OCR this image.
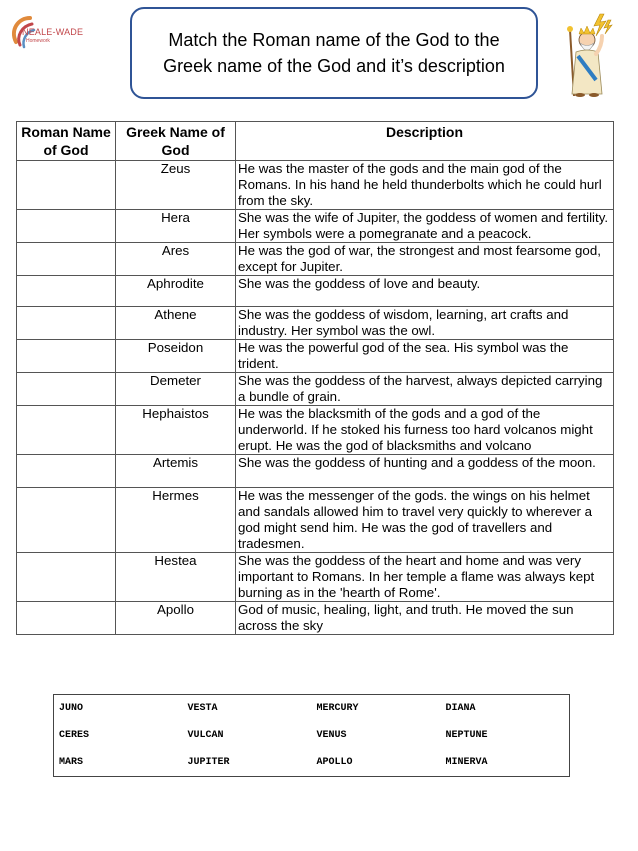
NEALE-WADE
Homework	Match the Roman name of the God to the
Greek name of the God and it’s description
Roman Name of God	Greek Name of God	Description
	Zeus	He was the master of the gods and the main god of the Romans. In his hand he held thunderbolts which he could hurl from the sky.
	Hera	She was the wife of Jupiter, the goddess of women and fertility. Her symbols were a pomegranate and a peacock.
	Ares	He was the god of war, the strongest and most fearsome god, except for Jupiter.
	Aphrodite	She was the goddess of love and beauty.
	Athene	She was the goddess of wisdom, learning, art crafts and industry. Her symbol was the owl.
	Poseidon	He was the powerful god of the sea. His symbol was the trident.
	Demeter	She was the goddess of the harvest, always depicted carrying a bundle of grain.
	Hephaistos	He was the blacksmith of the gods and a god of the underworld. If he stoked his furness too hard volcanos might erupt. He was the god of blacksmiths and volcano
	Artemis	She was the goddess of hunting and a goddess of the moon.
	Hermes	He was the messenger of the gods. the wings on his helmet and sandals allowed him to travel very quickly to wherever a god might send him. He was the god of travellers and tradesmen.
	Hestea	She was the goddess of the heart and home and was very important to Romans. In her temple a flame was always kept burning as in the 'hearth of Rome'.
	Apollo	God of music, healing, light, and truth. He moved the sun across the sky
JUNO	VESTA	MERCURY	DIANA
CERES	VULCAN	VENUS	NEPTUNE
MARS	JUPITER	APOLLO	MINERVA
